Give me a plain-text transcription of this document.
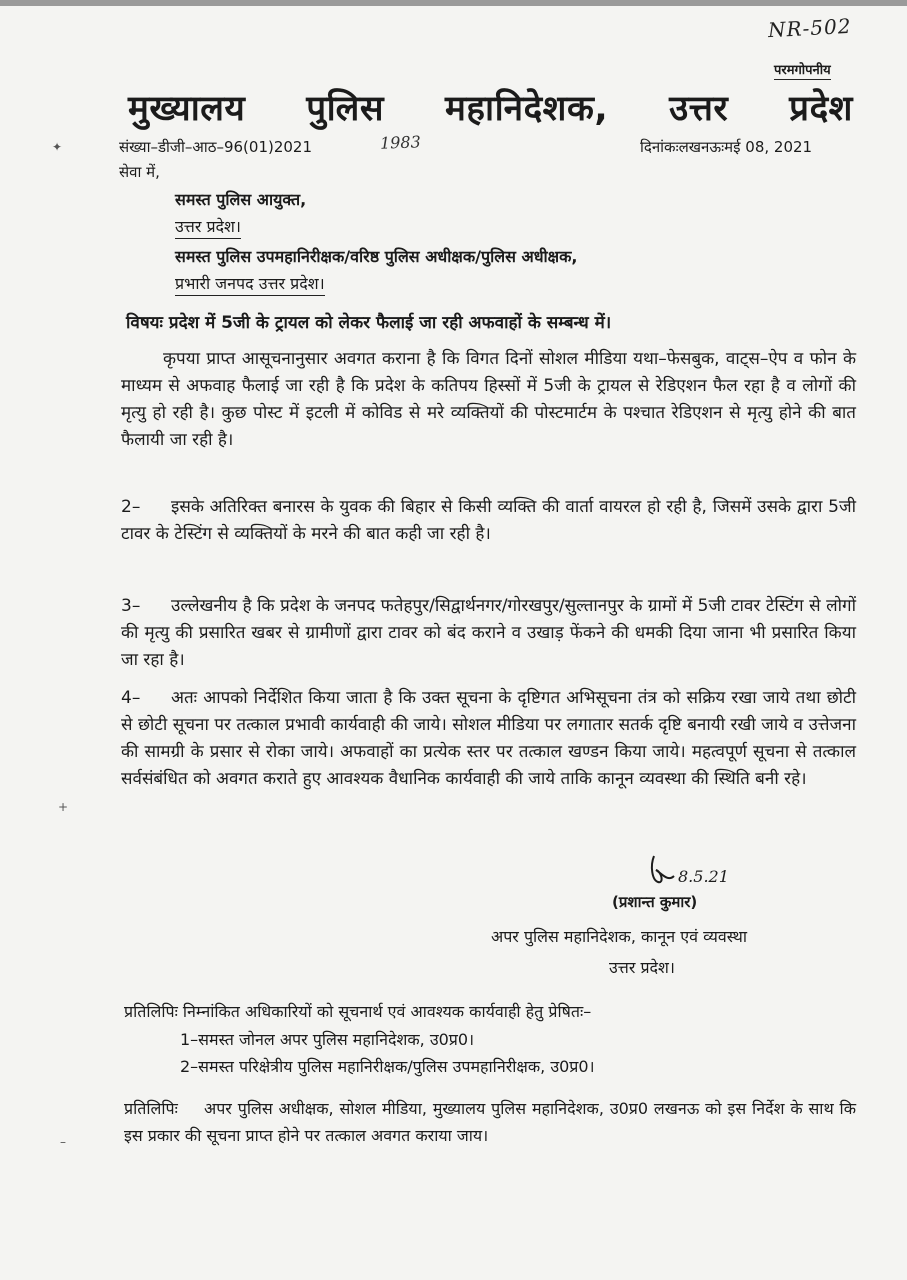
NR-502
परमगोपनीय
मुख्यालय पुलिस महानिदेशक, उत्तर प्रदेश
✦	संख्या–डीजी–आठ–96(01)2021	1983	दिनांकःलखनऊःमई 08, 2021
सेवा में,
समस्त पुलिस आयुक्त,
उत्तर प्रदेश।
समस्त पुलिस उपमहानिरीक्षक/वरिष्ठ पुलिस अधीक्षक/पुलिस अधीक्षक,
प्रभारी जनपद उत्तर प्रदेश।
विषयः प्रदेश में 5जी के ट्रायल को लेकर फैलाई जा रही अफवाहों के सम्बन्ध में।

कृपया प्राप्त आसूचनानुसार अवगत कराना है कि विगत दिनों सोशल मीडिया यथा–फेसबुक, वाट्स–ऐप व फोन के माध्यम से अफवाह फैलाई जा रही है कि प्रदेश के कतिपय हिस्सों में 5जी के ट्रायल से रेडिएशन फैल रहा है व लोगों की मृत्यु हो रही है। कुछ पोस्ट में इटली में कोविड से मरे व्यक्तियों की पोस्टमार्टम के पश्चात रेडिएशन से मृत्यु होने की बात फैलायी जा रही है।

2– इसके अतिरिक्त बनारस के युवक की बिहार से किसी व्यक्ति की वार्ता वायरल हो रही है, जिसमें उसके द्वारा 5जी टावर के टेस्टिंग से व्यक्तियों के मरने की बात कही जा रही है।

3– उल्लेखनीय है कि प्रदेश के जनपद फतेहपुर/सिद्वार्थनगर/गोरखपुर/सुल्तानपुर के ग्रामों में 5जी टावर टेस्टिंग से लोगों की मृत्यु की प्रसारित खबर से ग्रामीणों द्वारा टावर को बंद कराने व उखाड़ फेंकने की धमकी दिया जाना भी प्रसारित किया जा रहा है।

4– अतः आपको निर्देशित किया जाता है कि उक्त सूचना के दृष्टिगत अभिसूचना तंत्र को सक्रिय रखा जाये तथा छोटी से छोटी सूचना पर तत्काल प्रभावी कार्यवाही की जाये। सोशल मीडिया पर लगातार सतर्क दृष्टि बनायी रखी जाये व उत्तेजना की सामग्री के प्रसार से रोका जाये। अफवाहों का प्रत्येक स्तर पर तत्काल खण्डन किया जाये। महत्वपूर्ण सूचना से तत्काल सर्वसंबंधित को अवगत कराते हुए आवश्यक वैधानिक कार्यवाही की जाये ताकि कानून व्यवस्था की स्थिति बनी रहे।

+
8.5.21
(प्रशान्त कुमार)
अपर पुलिस महानिदेशक, कानून एवं व्यवस्था
उत्तर प्रदेश।
प्रतिलिपिः निम्नांकित अधिकारियों को सूचनार्थ एवं आवश्यक कार्यवाही हेतु प्रेषितः–
1–समस्त जोनल अपर पुलिस महानिदेशक, उ0प्र0।
2–समस्त परिक्षेत्रीय पुलिस महानिरीक्षक/पुलिस उपमहानिरीक्षक, उ0प्र0।
–
प्रतिलिपिः अपर पुलिस अधीक्षक, सोशल मीडिया, मुख्यालय पुलिस महानिदेशक, उ0प्र0 लखनऊ को इस निर्देश के साथ कि इस प्रकार की सूचना प्राप्त होने पर तत्काल अवगत कराया जाय।
